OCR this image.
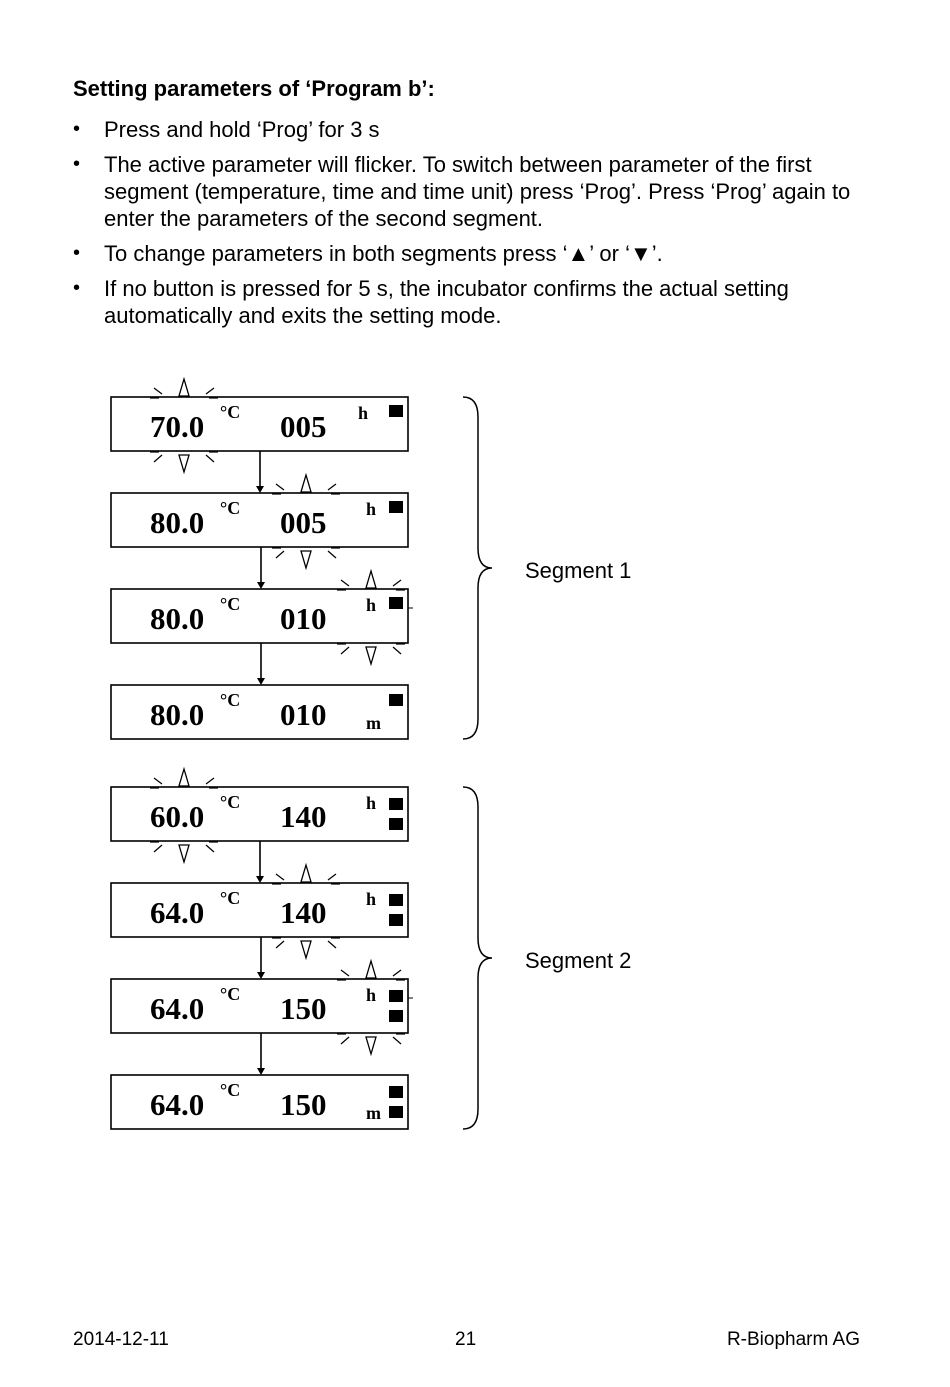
Setting parameters of ‘Program b’:
• Press and hold ‘Prog’ for 3 s
• The active parameter will flicker. To switch between parameter of the first segment (temperature, time and time unit) press ‘Prog’. Press ‘Prog’ again to enter the parameters of the second segment.
• To change parameters in both segments press ‘▲’ or ‘▼’.
• If no button is pressed for 5 s, the incubator confirms the actual setting automatically and exits the setting mode.
70.0 °C 005 h
80.0 °C 005 h
80.0 °C 010 h
80.0 °C 010 m
60.0 °C 140 h
64.0 °C 140 h
64.0 °C 150 h
64.0 °C 150 m
Segment 1
Segment 2
2014-12-11	21	R-Biopharm AG
